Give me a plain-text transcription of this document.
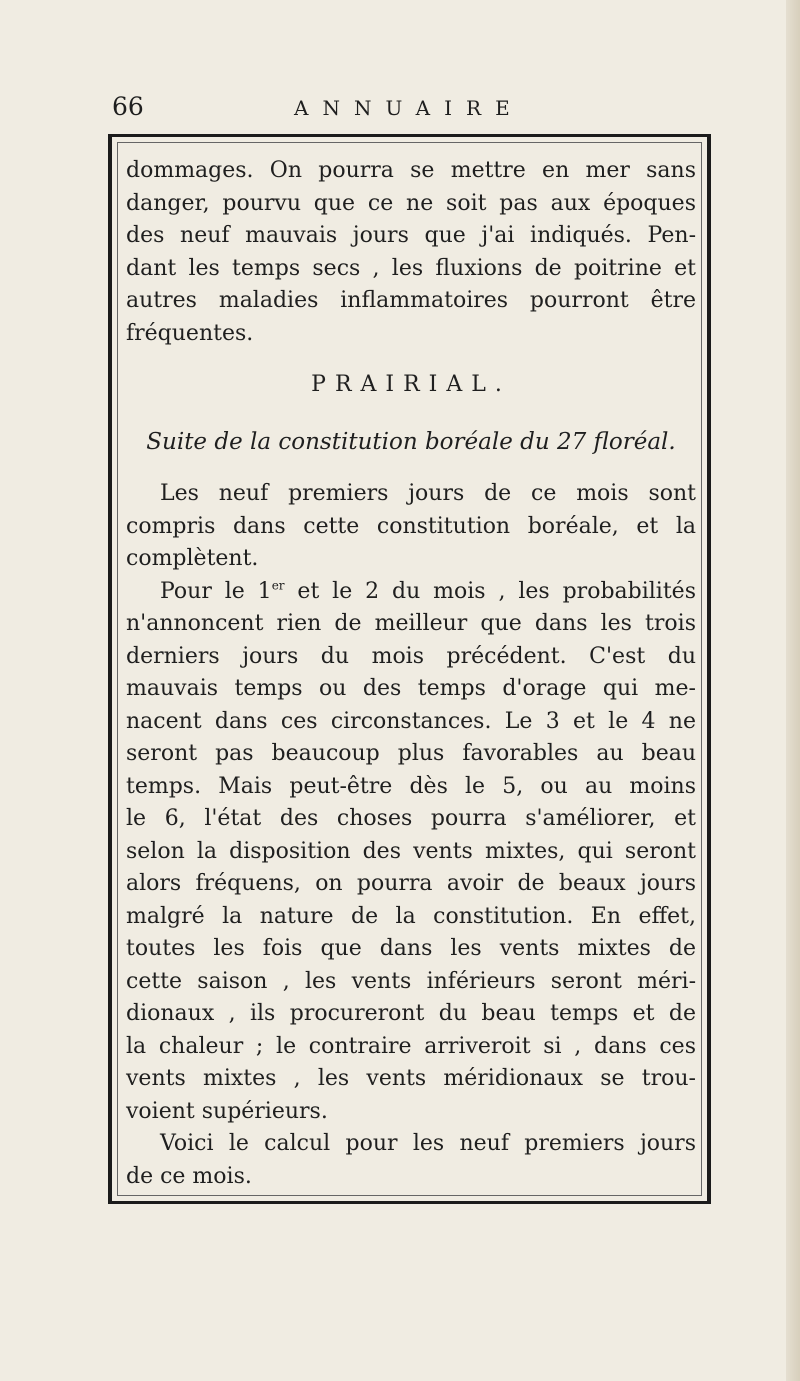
66	ANNUAIRE
dommages. On pourra se mettre en mer sans
danger, pourvu que ce ne soit pas aux époques
des neuf mauvais jours que j'ai indiqués. Pen-
dant les temps secs , les fluxions de poitrine et
autres maladies inflammatoires pourront être
fréquentes.
PRAIRIAL.
Suite de la constitution boréale du 27 floréal.
Les neuf premiers jours de ce mois sont
compris dans cette constitution boréale, et la
complètent.
Pour le 1er et le 2 du mois , les probabilités
n'annoncent rien de meilleur que dans les trois
derniers jours du mois précédent. C'est du
mauvais temps ou des temps d'orage qui me-
nacent dans ces circonstances. Le 3 et le 4 ne
seront pas beaucoup plus favorables au beau
temps. Mais peut-être dès le 5, ou au moins
le 6, l'état des choses pourra s'améliorer, et
selon la disposition des vents mixtes, qui seront
alors fréquens, on pourra avoir de beaux jours
malgré la nature de la constitution. En effet,
toutes les fois que dans les vents mixtes de
cette saison , les vents inférieurs seront méri-
dionaux , ils procureront du beau temps et de
la chaleur ; le contraire arriveroit si , dans ces
vents mixtes , les vents méridionaux se trou-
voient supérieurs.
Voici le calcul pour les neuf premiers jours
de ce mois.
